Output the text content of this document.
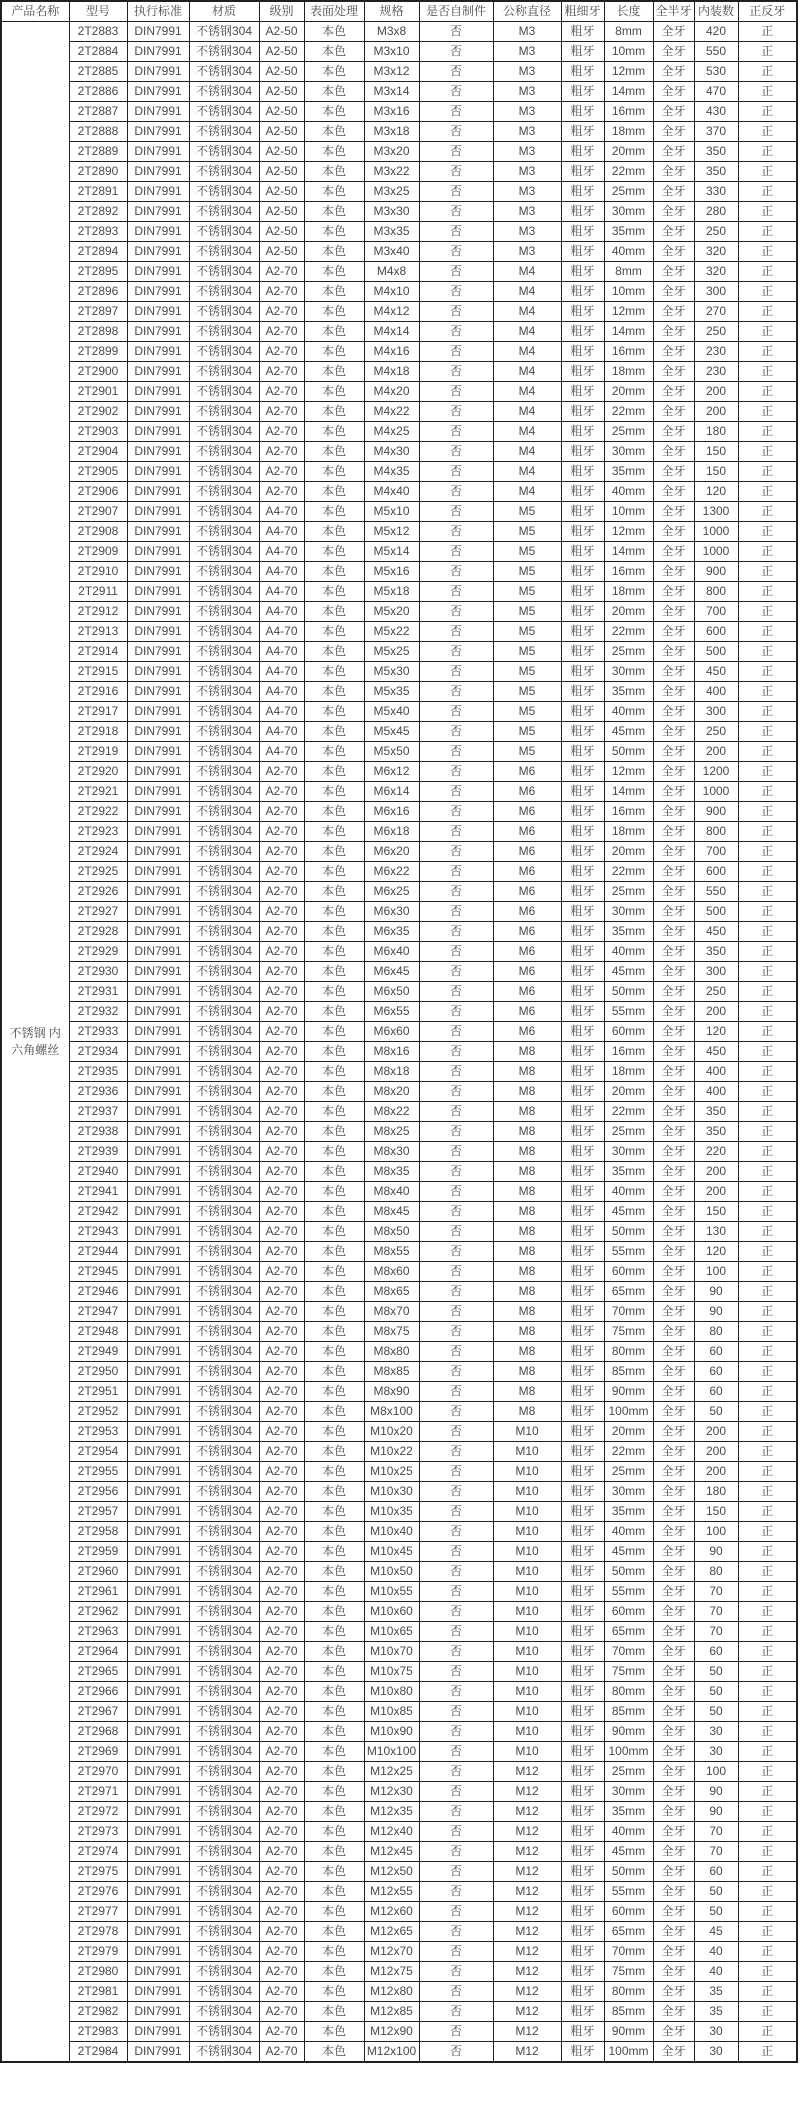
产品名称	型号	执行标准	材质	级别	表面处理	规格	是否自制件	公称直径	粗细牙	长度	全半牙	内装数	正反牙

不锈钢 内六角螺丝	2T2883	DIN7991	不锈钢304	A2-50	本色	M3x8	否	M3	粗牙	8mm	全牙	420	正
	2T2884	DIN7991	不锈钢304	A2-50	本色	M3x10	否	M3	粗牙	10mm	全牙	550	正
	2T2885	DIN7991	不锈钢304	A2-50	本色	M3x12	否	M3	粗牙	12mm	全牙	530	正
	2T2886	DIN7991	不锈钢304	A2-50	本色	M3x14	否	M3	粗牙	14mm	全牙	470	正
	2T2887	DIN7991	不锈钢304	A2-50	本色	M3x16	否	M3	粗牙	16mm	全牙	430	正
	2T2888	DIN7991	不锈钢304	A2-50	本色	M3x18	否	M3	粗牙	18mm	全牙	370	正
	2T2889	DIN7991	不锈钢304	A2-50	本色	M3x20	否	M3	粗牙	20mm	全牙	350	正
	2T2890	DIN7991	不锈钢304	A2-50	本色	M3x22	否	M3	粗牙	22mm	全牙	350	正
	2T2891	DIN7991	不锈钢304	A2-50	本色	M3x25	否	M3	粗牙	25mm	全牙	330	正
	2T2892	DIN7991	不锈钢304	A2-50	本色	M3x30	否	M3	粗牙	30mm	全牙	280	正
	2T2893	DIN7991	不锈钢304	A2-50	本色	M3x35	否	M3	粗牙	35mm	全牙	250	正
	2T2894	DIN7991	不锈钢304	A2-50	本色	M3x40	否	M3	粗牙	40mm	全牙	320	正
	2T2895	DIN7991	不锈钢304	A2-70	本色	M4x8	否	M4	粗牙	8mm	全牙	320	正
	2T2896	DIN7991	不锈钢304	A2-70	本色	M4x10	否	M4	粗牙	10mm	全牙	300	正
	2T2897	DIN7991	不锈钢304	A2-70	本色	M4x12	否	M4	粗牙	12mm	全牙	270	正
	2T2898	DIN7991	不锈钢304	A2-70	本色	M4x14	否	M4	粗牙	14mm	全牙	250	正
	2T2899	DIN7991	不锈钢304	A2-70	本色	M4x16	否	M4	粗牙	16mm	全牙	230	正
	2T2900	DIN7991	不锈钢304	A2-70	本色	M4x18	否	M4	粗牙	18mm	全牙	230	正
	2T2901	DIN7991	不锈钢304	A2-70	本色	M4x20	否	M4	粗牙	20mm	全牙	200	正
	2T2902	DIN7991	不锈钢304	A2-70	本色	M4x22	否	M4	粗牙	22mm	全牙	200	正
	2T2903	DIN7991	不锈钢304	A2-70	本色	M4x25	否	M4	粗牙	25mm	全牙	180	正
	2T2904	DIN7991	不锈钢304	A2-70	本色	M4x30	否	M4	粗牙	30mm	全牙	150	正
	2T2905	DIN7991	不锈钢304	A2-70	本色	M4x35	否	M4	粗牙	35mm	全牙	150	正
	2T2906	DIN7991	不锈钢304	A2-70	本色	M4x40	否	M4	粗牙	40mm	全牙	120	正
	2T2907	DIN7991	不锈钢304	A4-70	本色	M5x10	否	M5	粗牙	10mm	全牙	1300	正
	2T2908	DIN7991	不锈钢304	A4-70	本色	M5x12	否	M5	粗牙	12mm	全牙	1000	正
	2T2909	DIN7991	不锈钢304	A4-70	本色	M5x14	否	M5	粗牙	14mm	全牙	1000	正
	2T2910	DIN7991	不锈钢304	A4-70	本色	M5x16	否	M5	粗牙	16mm	全牙	900	正
	2T2911	DIN7991	不锈钢304	A4-70	本色	M5x18	否	M5	粗牙	18mm	全牙	800	正
	2T2912	DIN7991	不锈钢304	A4-70	本色	M5x20	否	M5	粗牙	20mm	全牙	700	正
	2T2913	DIN7991	不锈钢304	A4-70	本色	M5x22	否	M5	粗牙	22mm	全牙	600	正
	2T2914	DIN7991	不锈钢304	A4-70	本色	M5x25	否	M5	粗牙	25mm	全牙	500	正
	2T2915	DIN7991	不锈钢304	A4-70	本色	M5x30	否	M5	粗牙	30mm	全牙	450	正
	2T2916	DIN7991	不锈钢304	A4-70	本色	M5x35	否	M5	粗牙	35mm	全牙	400	正
	2T2917	DIN7991	不锈钢304	A4-70	本色	M5x40	否	M5	粗牙	40mm	全牙	300	正
	2T2918	DIN7991	不锈钢304	A4-70	本色	M5x45	否	M5	粗牙	45mm	全牙	250	正
	2T2919	DIN7991	不锈钢304	A4-70	本色	M5x50	否	M5	粗牙	50mm	全牙	200	正
	2T2920	DIN7991	不锈钢304	A2-70	本色	M6x12	否	M6	粗牙	12mm	全牙	1200	正
	2T2921	DIN7991	不锈钢304	A2-70	本色	M6x14	否	M6	粗牙	14mm	全牙	1000	正
	2T2922	DIN7991	不锈钢304	A2-70	本色	M6x16	否	M6	粗牙	16mm	全牙	900	正
	2T2923	DIN7991	不锈钢304	A2-70	本色	M6x18	否	M6	粗牙	18mm	全牙	800	正
	2T2924	DIN7991	不锈钢304	A2-70	本色	M6x20	否	M6	粗牙	20mm	全牙	700	正
	2T2925	DIN7991	不锈钢304	A2-70	本色	M6x22	否	M6	粗牙	22mm	全牙	600	正
	2T2926	DIN7991	不锈钢304	A2-70	本色	M6x25	否	M6	粗牙	25mm	全牙	550	正
	2T2927	DIN7991	不锈钢304	A2-70	本色	M6x30	否	M6	粗牙	30mm	全牙	500	正
	2T2928	DIN7991	不锈钢304	A2-70	本色	M6x35	否	M6	粗牙	35mm	全牙	450	正
	2T2929	DIN7991	不锈钢304	A2-70	本色	M6x40	否	M6	粗牙	40mm	全牙	350	正
	2T2930	DIN7991	不锈钢304	A2-70	本色	M6x45	否	M6	粗牙	45mm	全牙	300	正
	2T2931	DIN7991	不锈钢304	A2-70	本色	M6x50	否	M6	粗牙	50mm	全牙	250	正
	2T2932	DIN7991	不锈钢304	A2-70	本色	M6x55	否	M6	粗牙	55mm	全牙	200	正
	2T2933	DIN7991	不锈钢304	A2-70	本色	M6x60	否	M6	粗牙	60mm	全牙	120	正
	2T2934	DIN7991	不锈钢304	A2-70	本色	M8x16	否	M8	粗牙	16mm	全牙	450	正
	2T2935	DIN7991	不锈钢304	A2-70	本色	M8x18	否	M8	粗牙	18mm	全牙	400	正
	2T2936	DIN7991	不锈钢304	A2-70	本色	M8x20	否	M8	粗牙	20mm	全牙	400	正
	2T2937	DIN7991	不锈钢304	A2-70	本色	M8x22	否	M8	粗牙	22mm	全牙	350	正
	2T2938	DIN7991	不锈钢304	A2-70	本色	M8x25	否	M8	粗牙	25mm	全牙	350	正
	2T2939	DIN7991	不锈钢304	A2-70	本色	M8x30	否	M8	粗牙	30mm	全牙	220	正
	2T2940	DIN7991	不锈钢304	A2-70	本色	M8x35	否	M8	粗牙	35mm	全牙	200	正
	2T2941	DIN7991	不锈钢304	A2-70	本色	M8x40	否	M8	粗牙	40mm	全牙	200	正
	2T2942	DIN7991	不锈钢304	A2-70	本色	M8x45	否	M8	粗牙	45mm	全牙	150	正
	2T2943	DIN7991	不锈钢304	A2-70	本色	M8x50	否	M8	粗牙	50mm	全牙	130	正
	2T2944	DIN7991	不锈钢304	A2-70	本色	M8x55	否	M8	粗牙	55mm	全牙	120	正
	2T2945	DIN7991	不锈钢304	A2-70	本色	M8x60	否	M8	粗牙	60mm	全牙	100	正
	2T2946	DIN7991	不锈钢304	A2-70	本色	M8x65	否	M8	粗牙	65mm	全牙	90	正
	2T2947	DIN7991	不锈钢304	A2-70	本色	M8x70	否	M8	粗牙	70mm	全牙	90	正
	2T2948	DIN7991	不锈钢304	A2-70	本色	M8x75	否	M8	粗牙	75mm	全牙	80	正
	2T2949	DIN7991	不锈钢304	A2-70	本色	M8x80	否	M8	粗牙	80mm	全牙	60	正
	2T2950	DIN7991	不锈钢304	A2-70	本色	M8x85	否	M8	粗牙	85mm	全牙	60	正
	2T2951	DIN7991	不锈钢304	A2-70	本色	M8x90	否	M8	粗牙	90mm	全牙	60	正
	2T2952	DIN7991	不锈钢304	A2-70	本色	M8x100	否	M8	粗牙	100mm	全牙	50	正
	2T2953	DIN7991	不锈钢304	A2-70	本色	M10x20	否	M10	粗牙	20mm	全牙	200	正
	2T2954	DIN7991	不锈钢304	A2-70	本色	M10x22	否	M10	粗牙	22mm	全牙	200	正
	2T2955	DIN7991	不锈钢304	A2-70	本色	M10x25	否	M10	粗牙	25mm	全牙	200	正
	2T2956	DIN7991	不锈钢304	A2-70	本色	M10x30	否	M10	粗牙	30mm	全牙	180	正
	2T2957	DIN7991	不锈钢304	A2-70	本色	M10x35	否	M10	粗牙	35mm	全牙	150	正
	2T2958	DIN7991	不锈钢304	A2-70	本色	M10x40	否	M10	粗牙	40mm	全牙	100	正
	2T2959	DIN7991	不锈钢304	A2-70	本色	M10x45	否	M10	粗牙	45mm	全牙	90	正
	2T2960	DIN7991	不锈钢304	A2-70	本色	M10x50	否	M10	粗牙	50mm	全牙	80	正
	2T2961	DIN7991	不锈钢304	A2-70	本色	M10x55	否	M10	粗牙	55mm	全牙	70	正
	2T2962	DIN7991	不锈钢304	A2-70	本色	M10x60	否	M10	粗牙	60mm	全牙	70	正
	2T2963	DIN7991	不锈钢304	A2-70	本色	M10x65	否	M10	粗牙	65mm	全牙	70	正
	2T2964	DIN7991	不锈钢304	A2-70	本色	M10x70	否	M10	粗牙	70mm	全牙	60	正
	2T2965	DIN7991	不锈钢304	A2-70	本色	M10x75	否	M10	粗牙	75mm	全牙	50	正
	2T2966	DIN7991	不锈钢304	A2-70	本色	M10x80	否	M10	粗牙	80mm	全牙	50	正
	2T2967	DIN7991	不锈钢304	A2-70	本色	M10x85	否	M10	粗牙	85mm	全牙	50	正
	2T2968	DIN7991	不锈钢304	A2-70	本色	M10x90	否	M10	粗牙	90mm	全牙	30	正
	2T2969	DIN7991	不锈钢304	A2-70	本色	M10x100	否	M10	粗牙	100mm	全牙	30	正
	2T2970	DIN7991	不锈钢304	A2-70	本色	M12x25	否	M12	粗牙	25mm	全牙	100	正
	2T2971	DIN7991	不锈钢304	A2-70	本色	M12x30	否	M12	粗牙	30mm	全牙	90	正
	2T2972	DIN7991	不锈钢304	A2-70	本色	M12x35	否	M12	粗牙	35mm	全牙	90	正
	2T2973	DIN7991	不锈钢304	A2-70	本色	M12x40	否	M12	粗牙	40mm	全牙	70	正
	2T2974	DIN7991	不锈钢304	A2-70	本色	M12x45	否	M12	粗牙	45mm	全牙	70	正
	2T2975	DIN7991	不锈钢304	A2-70	本色	M12x50	否	M12	粗牙	50mm	全牙	60	正
	2T2976	DIN7991	不锈钢304	A2-70	本色	M12x55	否	M12	粗牙	55mm	全牙	50	正
	2T2977	DIN7991	不锈钢304	A2-70	本色	M12x60	否	M12	粗牙	60mm	全牙	50	正
	2T2978	DIN7991	不锈钢304	A2-70	本色	M12x65	否	M12	粗牙	65mm	全牙	45	正
	2T2979	DIN7991	不锈钢304	A2-70	本色	M12x70	否	M12	粗牙	70mm	全牙	40	正
	2T2980	DIN7991	不锈钢304	A2-70	本色	M12x75	否	M12	粗牙	75mm	全牙	40	正
	2T2981	DIN7991	不锈钢304	A2-70	本色	M12x80	否	M12	粗牙	80mm	全牙	35	正
	2T2982	DIN7991	不锈钢304	A2-70	本色	M12x85	否	M12	粗牙	85mm	全牙	35	正
	2T2983	DIN7991	不锈钢304	A2-70	本色	M12x90	否	M12	粗牙	90mm	全牙	30	正
	2T2984	DIN7991	不锈钢304	A2-70	本色	M12x100	否	M12	粗牙	100mm	全牙	30	正
